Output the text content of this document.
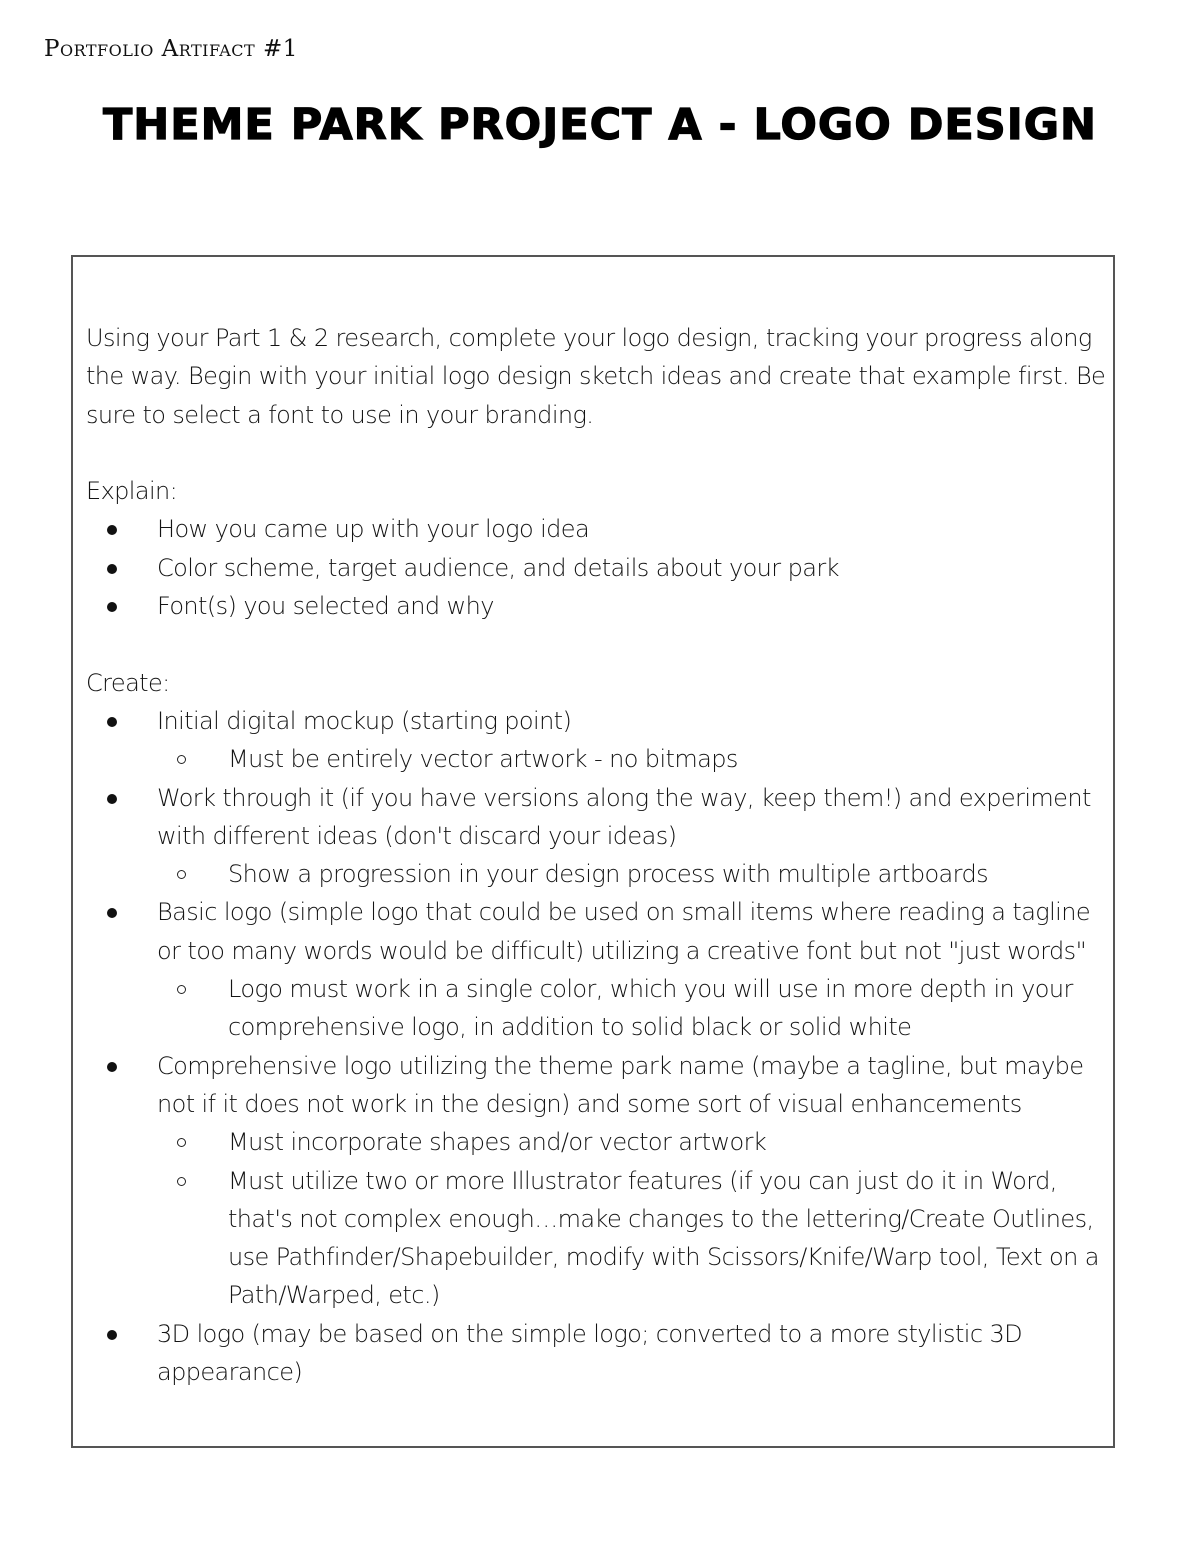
Portfolio Artifact #1
THEME PARK PROJECT A - LOGO DESIGN

Using your Part 1 & 2 research, complete your logo design, tracking your progress along the way. Begin with your initial logo design sketch ideas and create that example first. Be sure to select a font to use in your branding.

Explain:

How you came up with your logo idea
Color scheme, target audience, and details about your park
Font(s) you selected and why

Create:

Initial digital mockup (starting point)
Must be entirely vector artwork - no bitmaps
Work through it (if you have versions along the way, keep them!) and experiment with different ideas (don't discard your ideas)
Show a progression in your design process with multiple artboards
Basic logo (simple logo that could be used on small items where reading a tagline or too many words would be difficult) utilizing a creative font but not "just words"
Logo must work in a single color, which you will use in more depth in your comprehensive logo, in addition to solid black or solid white
Comprehensive logo utilizing the theme park name (maybe a tagline, but maybe not if it does not work in the design) and some sort of visual enhancements
Must incorporate shapes and/or vector artwork
Must utilize two or more Illustrator features (if you can just do it in Word, that's not complex enough…make changes to the lettering/Create Outlines, use Pathfinder/Shapebuilder, modify with Scissors/Knife/Warp tool, Text on a Path/Warped, etc.)
3D logo (may be based on the simple logo; converted to a more stylistic 3D appearance)
